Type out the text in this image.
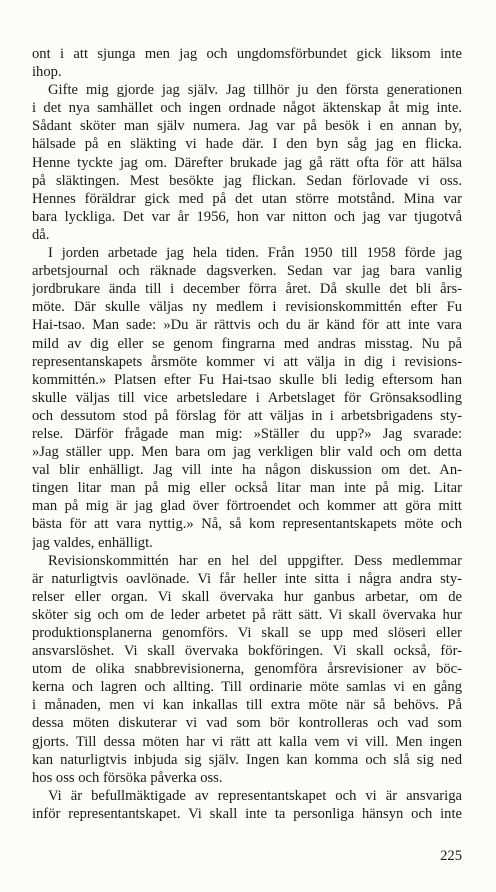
ont i att sjunga men jag och ungdomsförbundet gick liksom inte
ihop.
Gifte mig gjorde jag själv. Jag tillhör ju den första generationen
i det nya samhället och ingen ordnade något äktenskap åt mig inte.
Sådant sköter man själv numera. Jag var på besök i en annan by,
hälsade på en släkting vi hade där. I den byn såg jag en flicka.
Henne tyckte jag om. Därefter brukade jag gå rätt ofta för att hälsa
på släktingen. Mest besökte jag flickan. Sedan förlovade vi oss.
Hennes föräldrar gick med på det utan större motstånd. Mina var
bara lyckliga. Det var år 1956, hon var nitton och jag var tjugotvå
då.
I jorden arbetade jag hela tiden. Från 1950 till 1958 förde jag
arbetsjournal och räknade dagsverken. Sedan var jag bara vanlig
jordbrukare ända till i december förra året. Då skulle det bli års-
möte. Där skulle väljas ny medlem i revisionskommittén efter Fu
Hai-tsao. Man sade: »Du är rättvis och du är känd för att inte vara
mild av dig eller se genom fingrarna med andras misstag. Nu på
representanskapets årsmöte kommer vi att välja in dig i revisions-
kommittén.» Platsen efter Fu Hai-tsao skulle bli ledig eftersom han
skulle väljas till vice arbetsledare i Arbetslaget för Grönsaksodling
och dessutom stod på förslag för att väljas in i arbetsbrigadens sty-
relse. Därför frågade man mig: »Ställer du upp?» Jag svarade:
»Jag ställer upp. Men bara om jag verkligen blir vald och om detta
val blir enhälligt. Jag vill inte ha någon diskussion om det. An-
tingen litar man på mig eller också litar man inte på mig. Litar
man på mig är jag glad över förtroendet och kommer att göra mitt
bästa för att vara nyttig.» Nå, så kom representantskapets möte och
jag valdes, enhälligt.
Revisionskommittén har en hel del uppgifter. Dess medlemmar
är naturligtvis oavlönade. Vi får heller inte sitta i några andra sty-
relser eller organ. Vi skall övervaka hur ganbus arbetar, om de
sköter sig och om de leder arbetet på rätt sätt. Vi skall övervaka hur
produktionsplanerna genomförs. Vi skall se upp med slöseri eller
ansvarslöshet. Vi skall övervaka bokföringen. Vi skall också, för-
utom de olika snabbrevisionerna, genomföra årsrevisioner av böc-
kerna och lagren och allting. Till ordinarie möte samlas vi en gång
i månaden, men vi kan inkallas till extra möte när så behövs. På
dessa möten diskuterar vi vad som bör kontrolleras och vad som
gjorts. Till dessa möten har vi rätt att kalla vem vi vill. Men ingen
kan naturligtvis inbjuda sig själv. Ingen kan komma och slå sig ned
hos oss och försöka påverka oss.
Vi är befullmäktigade av representantskapet och vi är ansvariga
inför representantskapet. Vi skall inte ta personliga hänsyn och inte
225
